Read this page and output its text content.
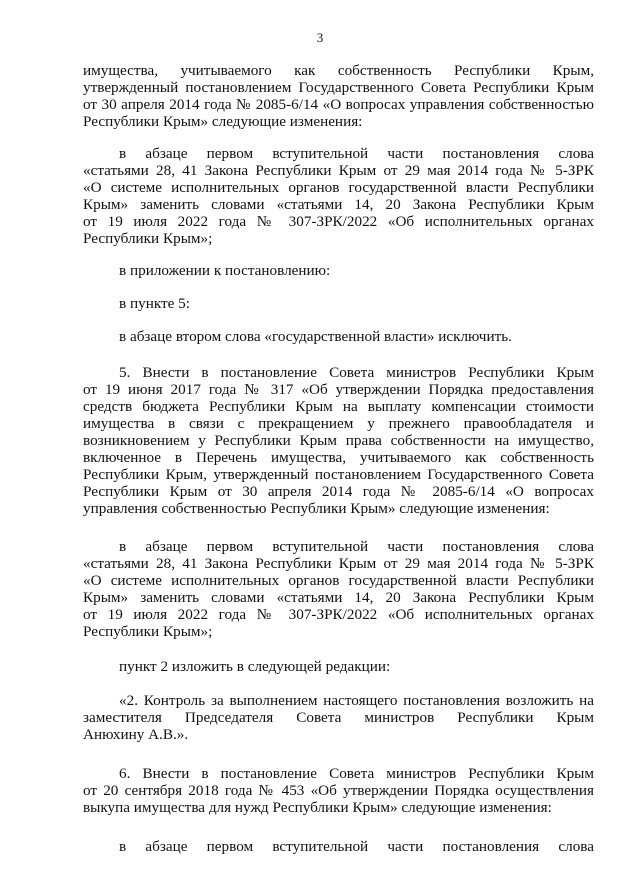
3
имущества, учитываемого как собственность Республики Крым,
утвержденный постановлением Государственного Совета Республики Крым
от 30 апреля 2014 года № 2085-6/14 «О вопросах управления собственностью
Республики Крым» следующие изменения:
в абзаце первом вступительной части постановления слова
«статьями 28, 41 Закона Республики Крым от 29 мая 2014 года № 5-ЗРК
«О системе исполнительных органов государственной власти Республики
Крым» заменить словами «статьями 14, 20 Закона Республики Крым
от 19 июля 2022 года № 307-ЗРК/2022 «Об исполнительных органах
Республики Крым»;
в приложении к постановлению:
в пункте 5:
в абзаце втором слова «государственной власти» исключить.
5. Внести в постановление Совета министров Республики Крым
от 19 июня 2017 года № 317 «Об утверждении Порядка предоставления
средств бюджета Республики Крым на выплату компенсации стоимости
имущества в связи с прекращением у прежнего правообладателя и
возникновением у Республики Крым права собственности на имущество,
включенное в Перечень имущества, учитываемого как собственность
Республики Крым, утвержденный постановлением Государственного Совета
Республики Крым от 30 апреля 2014 года № 2085-6/14 «О вопросах
управления собственностью Республики Крым» следующие изменения:
в абзаце первом вступительной части постановления слова
«статьями 28, 41 Закона Республики Крым от 29 мая 2014 года № 5-ЗРК
«О системе исполнительных органов государственной власти Республики
Крым» заменить словами «статьями 14, 20 Закона Республики Крым
от 19 июля 2022 года № 307-ЗРК/2022 «Об исполнительных органах
Республики Крым»;
пункт 2 изложить в следующей редакции:
«2. Контроль за выполнением настоящего постановления возложить на
заместителя Председателя Совета министров Республики Крым
Анюхину А.В.».
6. Внести в постановление Совета министров Республики Крым
от 20 сентября 2018 года № 453 «Об утверждении Порядка осуществления
выкупа имущества для нужд Республики Крым» следующие изменения:
в абзаце первом вступительной части постановления слова
